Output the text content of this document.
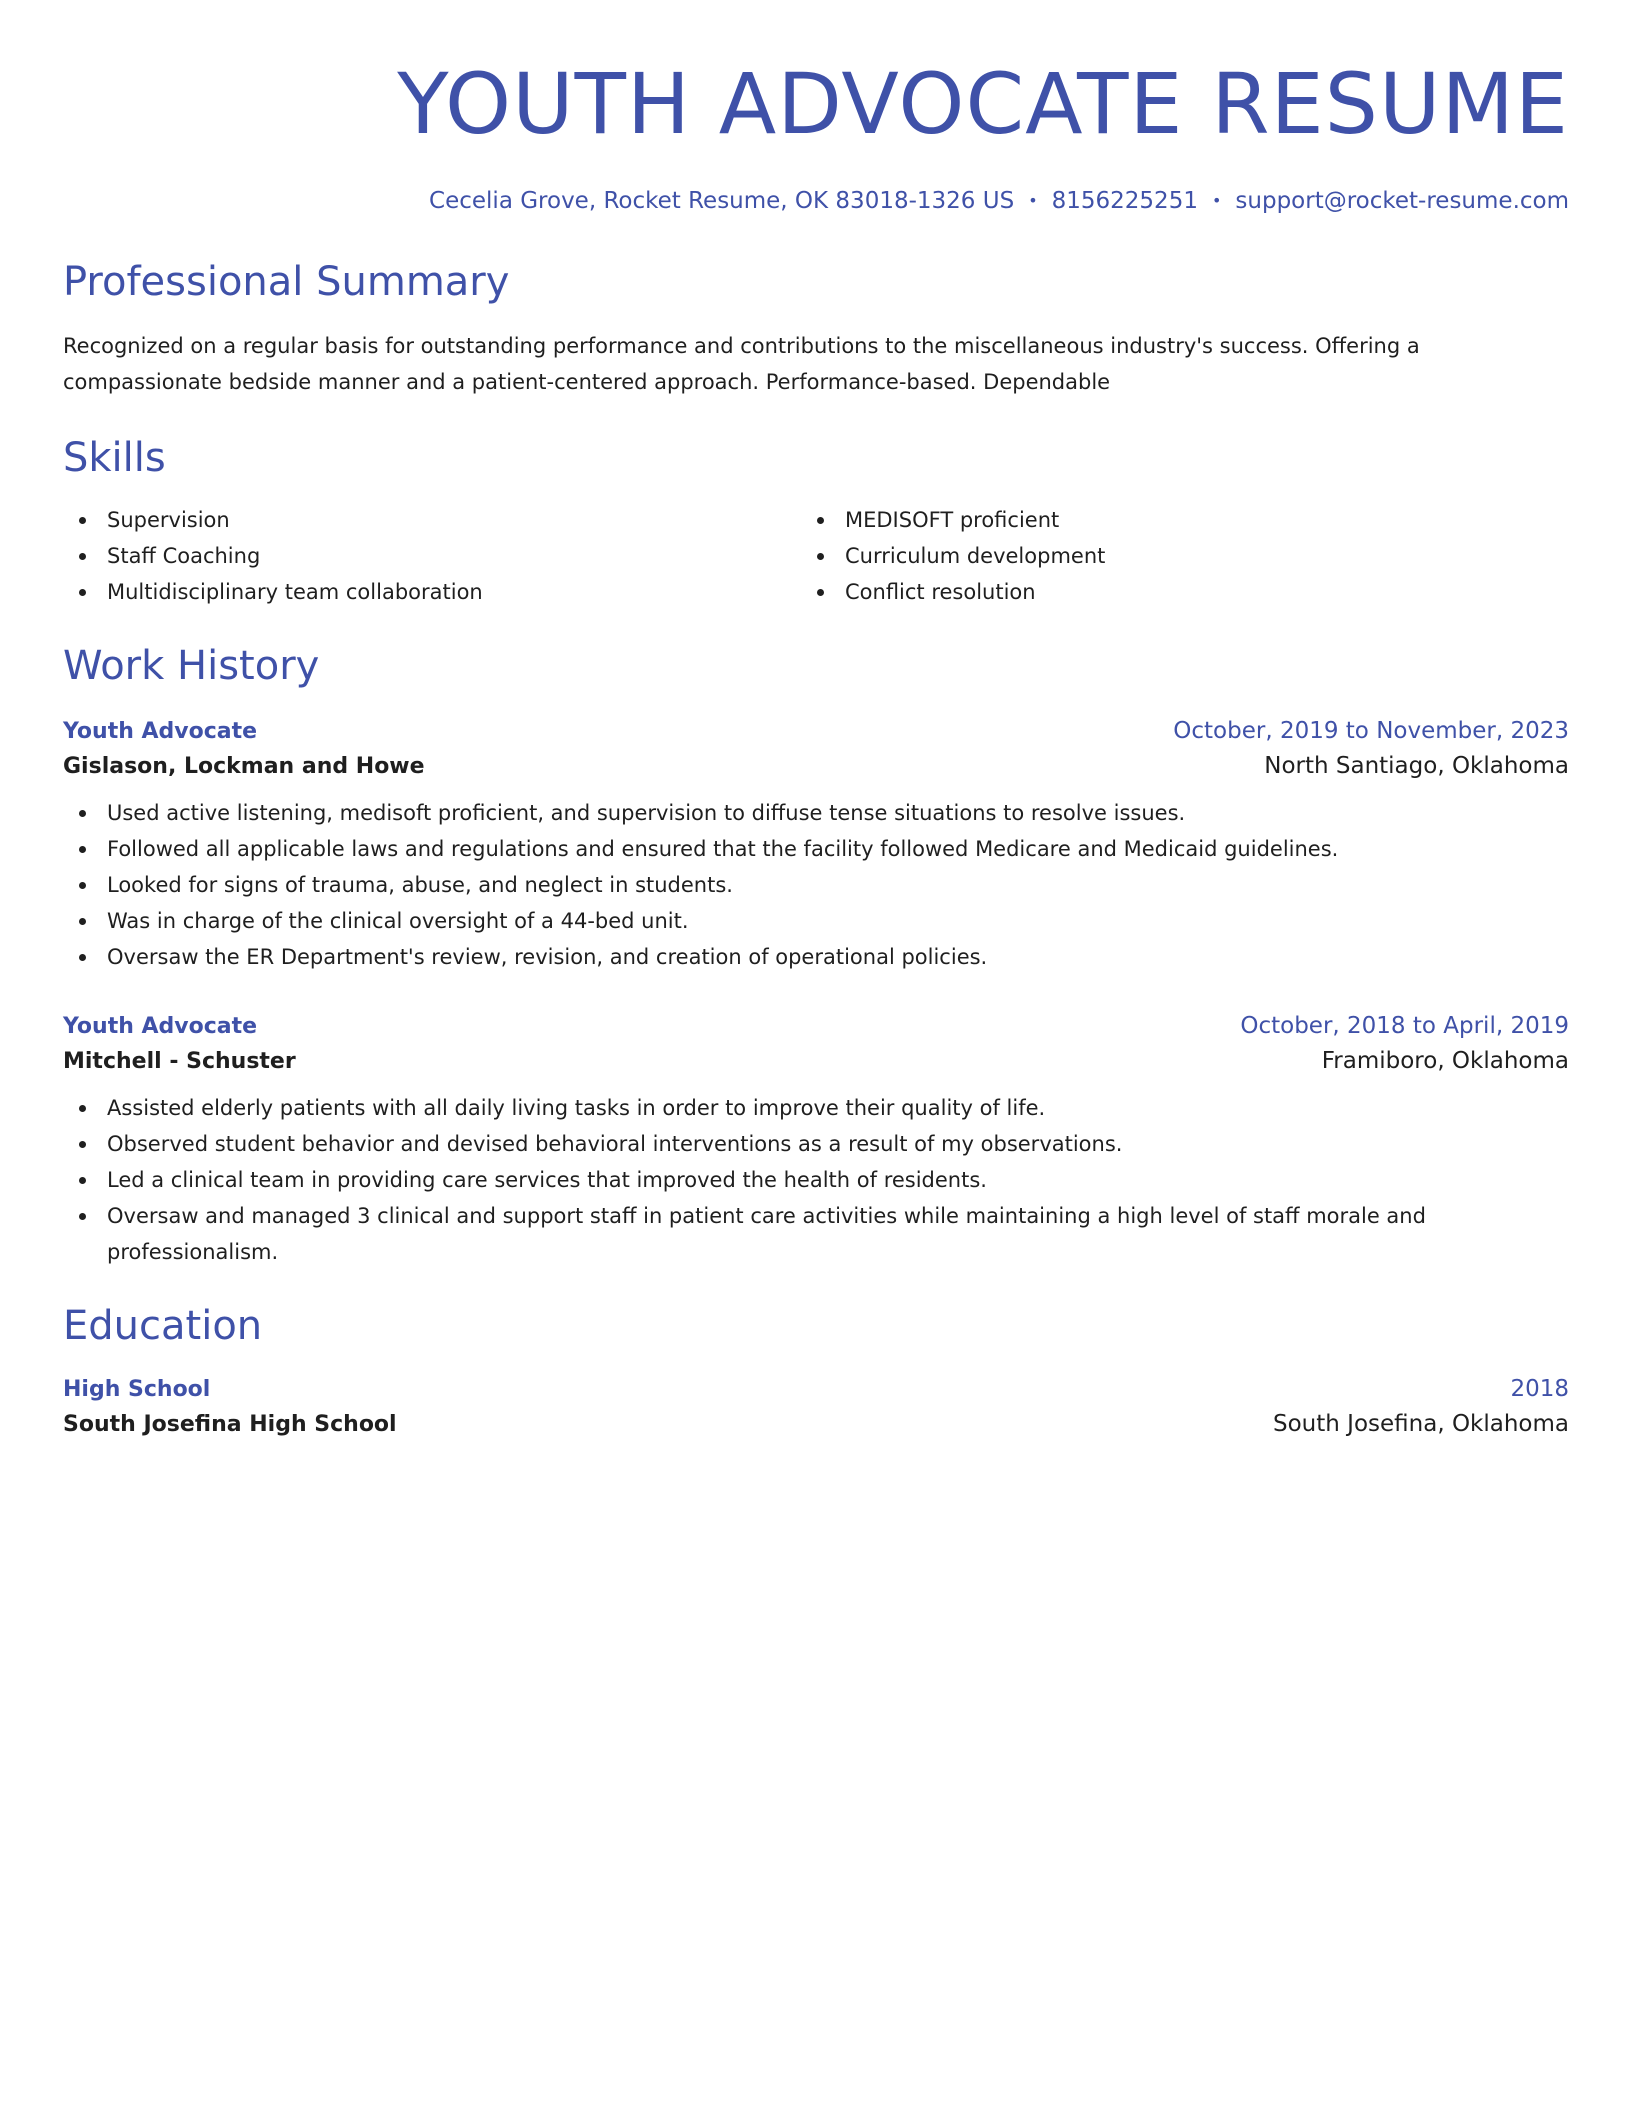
YOUTH ADVOCATE RESUME
Cecelia Grove, Rocket Resume, OK 83018-1326 US • 8156225251 • support@rocket-resume.com
Professional Summary

Recognized on a regular basis for outstanding performance and contributions to the miscellaneous industry's success. Offering a compassionate bedside manner and a patient-centered approach. Performance-based. Dependable

Skills
Supervision
Staff Coaching
Multidisciplinary team collaboration
MEDISOFT proficient
Curriculum development
Conflict resolution
Work History
Youth Advocate	October, 2019 to November, 2023
Gislason, Lockman and Howe	North Santiago, Oklahoma
Used active listening, medisoft proficient, and supervision to diffuse tense situations to resolve issues.
Followed all applicable laws and regulations and ensured that the facility followed Medicare and Medicaid guidelines.
Looked for signs of trauma, abuse, and neglect in students.
Was in charge of the clinical oversight of a 44-bed unit.
Oversaw the ER Department's review, revision, and creation of operational policies.
Youth Advocate	October, 2018 to April, 2019
Mitchell - Schuster	Framiboro, Oklahoma
Assisted elderly patients with all daily living tasks in order to improve their quality of life.
Observed student behavior and devised behavioral interventions as a result of my observations.
Led a clinical team in providing care services that improved the health of residents.
Oversaw and managed 3 clinical and support staff in patient care activities while maintaining a high level of staff morale and professionalism.
Education
High School	2018
South Josefina High School	South Josefina, Oklahoma
